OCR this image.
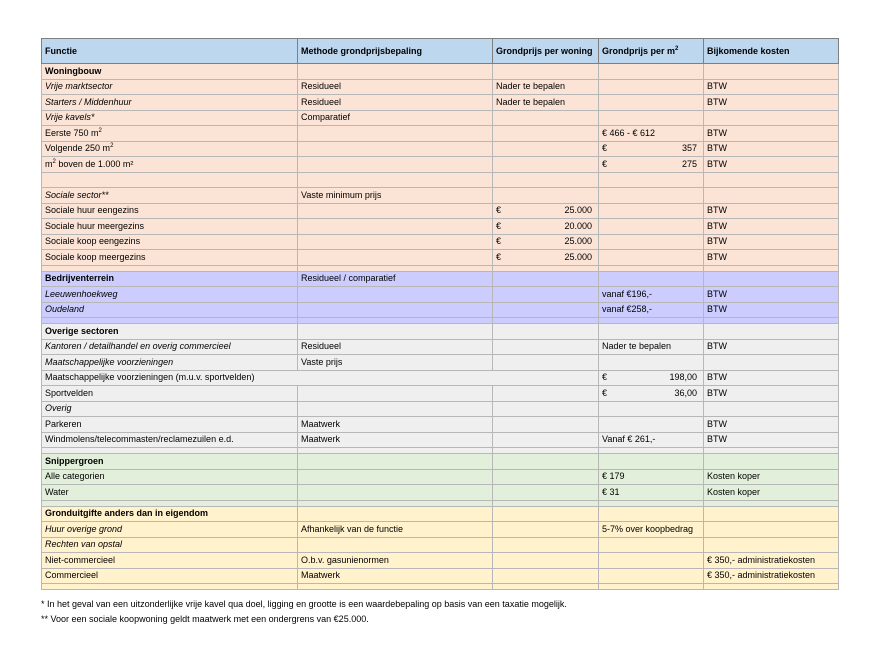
Functie	Methode grondprijsbepaling	Grondprijs per woning	Grondprijs per $m^2$	Bijkomende kosten
Woningbouw				
Vrije marktsector	Residueel	Nader te bepalen		BTW
Starters / Middenhuur	Residueel	Nader te bepalen		BTW
Vrije kavels*	Comparatief			
Eerste 750 $m^2$			€ 466 - € 612	BTW
Volgende 250 $m^2$			€ 357	BTW
$m^2$ boven de 1.000 m²			€ 275	BTW

Sociale sector**	Vaste minimum prijs			
Sociale huur eengezins		€ 25.000		BTW
Sociale huur meergezins		€ 20.000		BTW
Sociale koop eengezins		€ 25.000		BTW
Sociale koop meergezins		€ 25.000		BTW

Bedrijventerrein	Residueel / comparatief			
Leeuwenhoekweg			vanaf €196,-	BTW
Oudeland			vanaf €258,-	BTW

Overige sectoren				
Kantoren / detailhandel en overig commercieel	Residueel		Nader te bepalen	BTW
Maatschappelijke voorzieningen	Vaste prijs			
Maatschappelijke voorzieningen (m.u.v. sportvelden)			€ 198,00	BTW
Sportvelden			€ 36,00	BTW
Overig				
Parkeren	Maatwerk			BTW
Windmolens/telecommasten/reclamezuilen e.d.	Maatwerk		Vanaf € 261,-	BTW

Snippergroen				
Alle categorien			€ 179	Kosten koper
Water			€ 31	Kosten koper

Gronduitgifte anders dan in eigendom				
Huur overige grond	Afhankelijk van de functie		5-7% over koopbedrag	
Rechten van opstal				
Niet-commercieel	O.b.v. gasunienormen			€ 350,- administratiekosten
Commercieel	Maatwerk			€ 350,- administratiekosten

* In het geval van een uitzonderlijke vrije kavel qua doel, ligging en grootte is een waardebepaling op basis van een taxatie mogelijk.
** Voor een sociale koopwoning geldt maatwerk met een ondergrens van €25.000.
